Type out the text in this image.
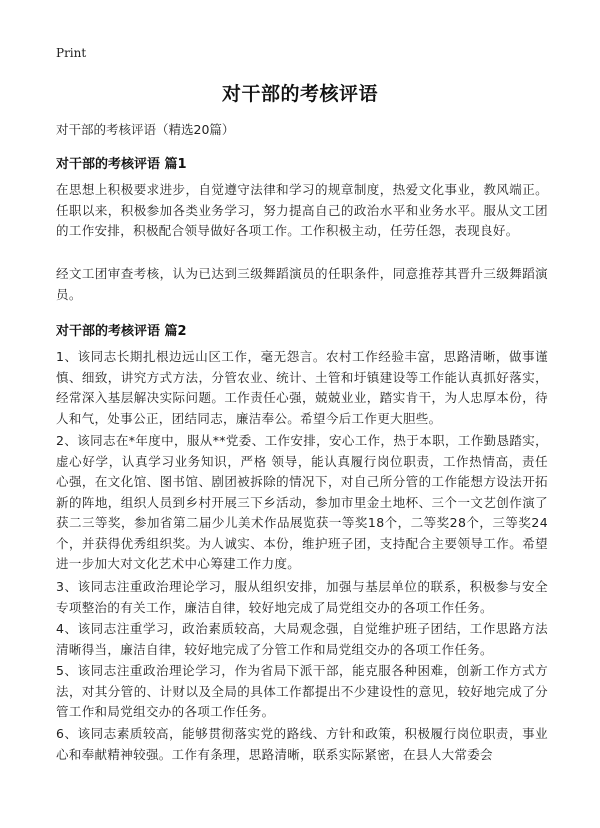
Print
对干部的考核评语
对干部的考核评语（精选20篇）
对干部的考核评语 篇1

在思想上积极要求进步，自觉遵守法律和学习的规章制度，热爱文化事业，教风端正。任职以来，积极参加各类业务学习，努力提高自己的政治水平和业务水平。服从文工团的工作安排，积极配合领导做好各项工作。工作积极主动，任劳任怨，表现良好。

经文工团审查考核，认为已达到三级舞蹈演员的任职条件，同意推荐其晋升三级舞蹈演员。

对干部的考核评语 篇2

1、该同志长期扎根边远山区工作，毫无怨言。农村工作经验丰富，思路清晰，做事谨慎、细致，讲究方式方法，分管农业、统计、土管和圩镇建设等工作能认真抓好落实，经常深入基层解决实际问题。工作责任心强，兢兢业业，踏实肯干，为人忠厚本份，待人和气，处事公正，团结同志，廉洁奉公。希望今后工作更大胆些。

2、该同志在*年度中，服从**党委、工作安排，安心工作，热于本职，工作勤恳踏实，虚心好学，认真学习业务知识，严格 领导，能认真履行岗位职责，工作热情高，责任心强，在文化馆、图书馆、剧团被拆除的情况下，对自己所分管的工作能想方设法开拓新的阵地，组织人员到乡村开展三下乡活动，参加市里金土地杯、三个一文艺创作演了获二三等奖，参加省第二届少儿美术作品展览获一等奖18个，二等奖28个，三等奖24个，并获得优秀组织奖。为人诚实、本份，维护班子团，支持配合主要领导工作。希望进一步加大对文化艺术中心筹建工作力度。

3、该同志注重政治理论学习，服从组织安排，加强与基层单位的联系，积极参与安全专项整治的有关工作，廉洁自律，较好地完成了局党组交办的各项工作任务。

4、该同志注重学习，政治素质较高，大局观念强，自觉维护班子团结，工作思路方法清晰得当，廉洁自律，较好地完成了分管工作和局党组交办的各项工作任务。

5、该同志注重政治理论学习，作为省局下派干部，能克服各种困难，创新工作方式方法，对其分管的、计财以及全局的具体工作都提出不少建设性的意见，较好地完成了分管工作和局党组交办的各项工作任务。

6、该同志素质较高，能够贯彻落实党的路线、方针和政策，积极履行岗位职责，事业心和奉献精神较强。工作有条理，思路清晰，联系实际紧密，在县人大常委会
